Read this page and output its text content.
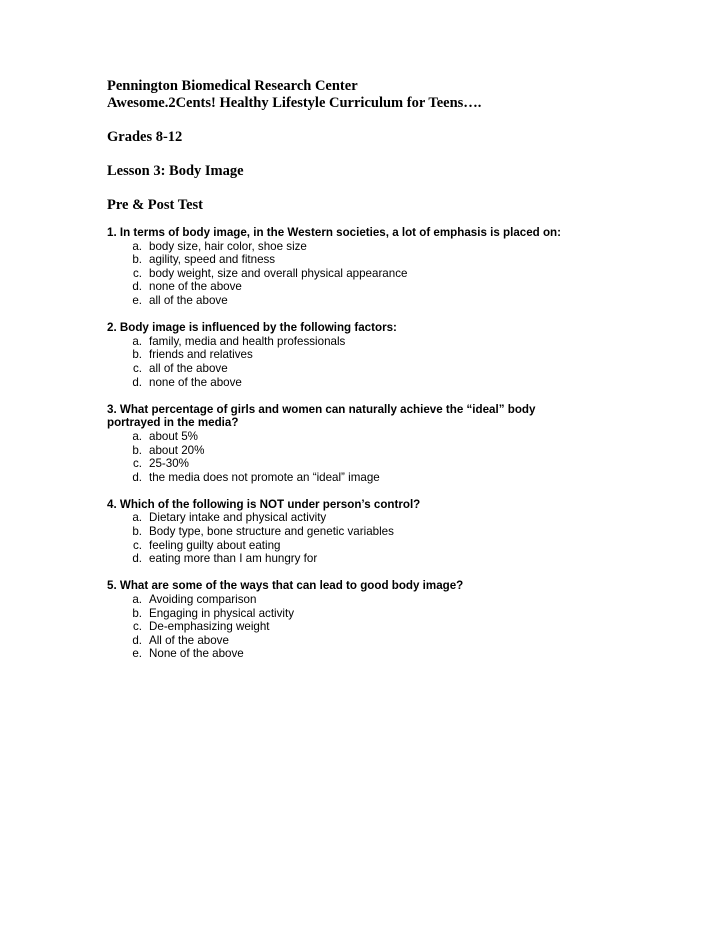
Pennington Biomedical Research Center

Awesome.2Cents! Healthy Lifestyle Curriculum for Teens….

Grades 8-12

Lesson 3: Body Image

Pre & Post Test

1. In terms of body image, in the Western societies, a lot of emphasis is placed on:

a. body size, hair color, shoe size
b. agility, speed and fitness
c. body weight, size and overall physical appearance
d. none of the above
e. all of the above

2. Body image is influenced by the following factors:

a. family, media and health professionals
b. friends and relatives
c. all of the above
d. none of the above

3. What percentage of girls and women can naturally achieve the “ideal” body

portrayed in the media?

a. about 5%
b. about 20%
c. 25-30%
d. the media does not promote an “ideal” image

4. Which of the following is NOT under person’s control?

a. Dietary intake and physical activity
b. Body type, bone structure and genetic variables
c. feeling guilty about eating
d. eating more than I am hungry for

5. What are some of the ways that can lead to good body image?

a. Avoiding comparison
b. Engaging in physical activity
c. De-emphasizing weight
d. All of the above
e. None of the above
